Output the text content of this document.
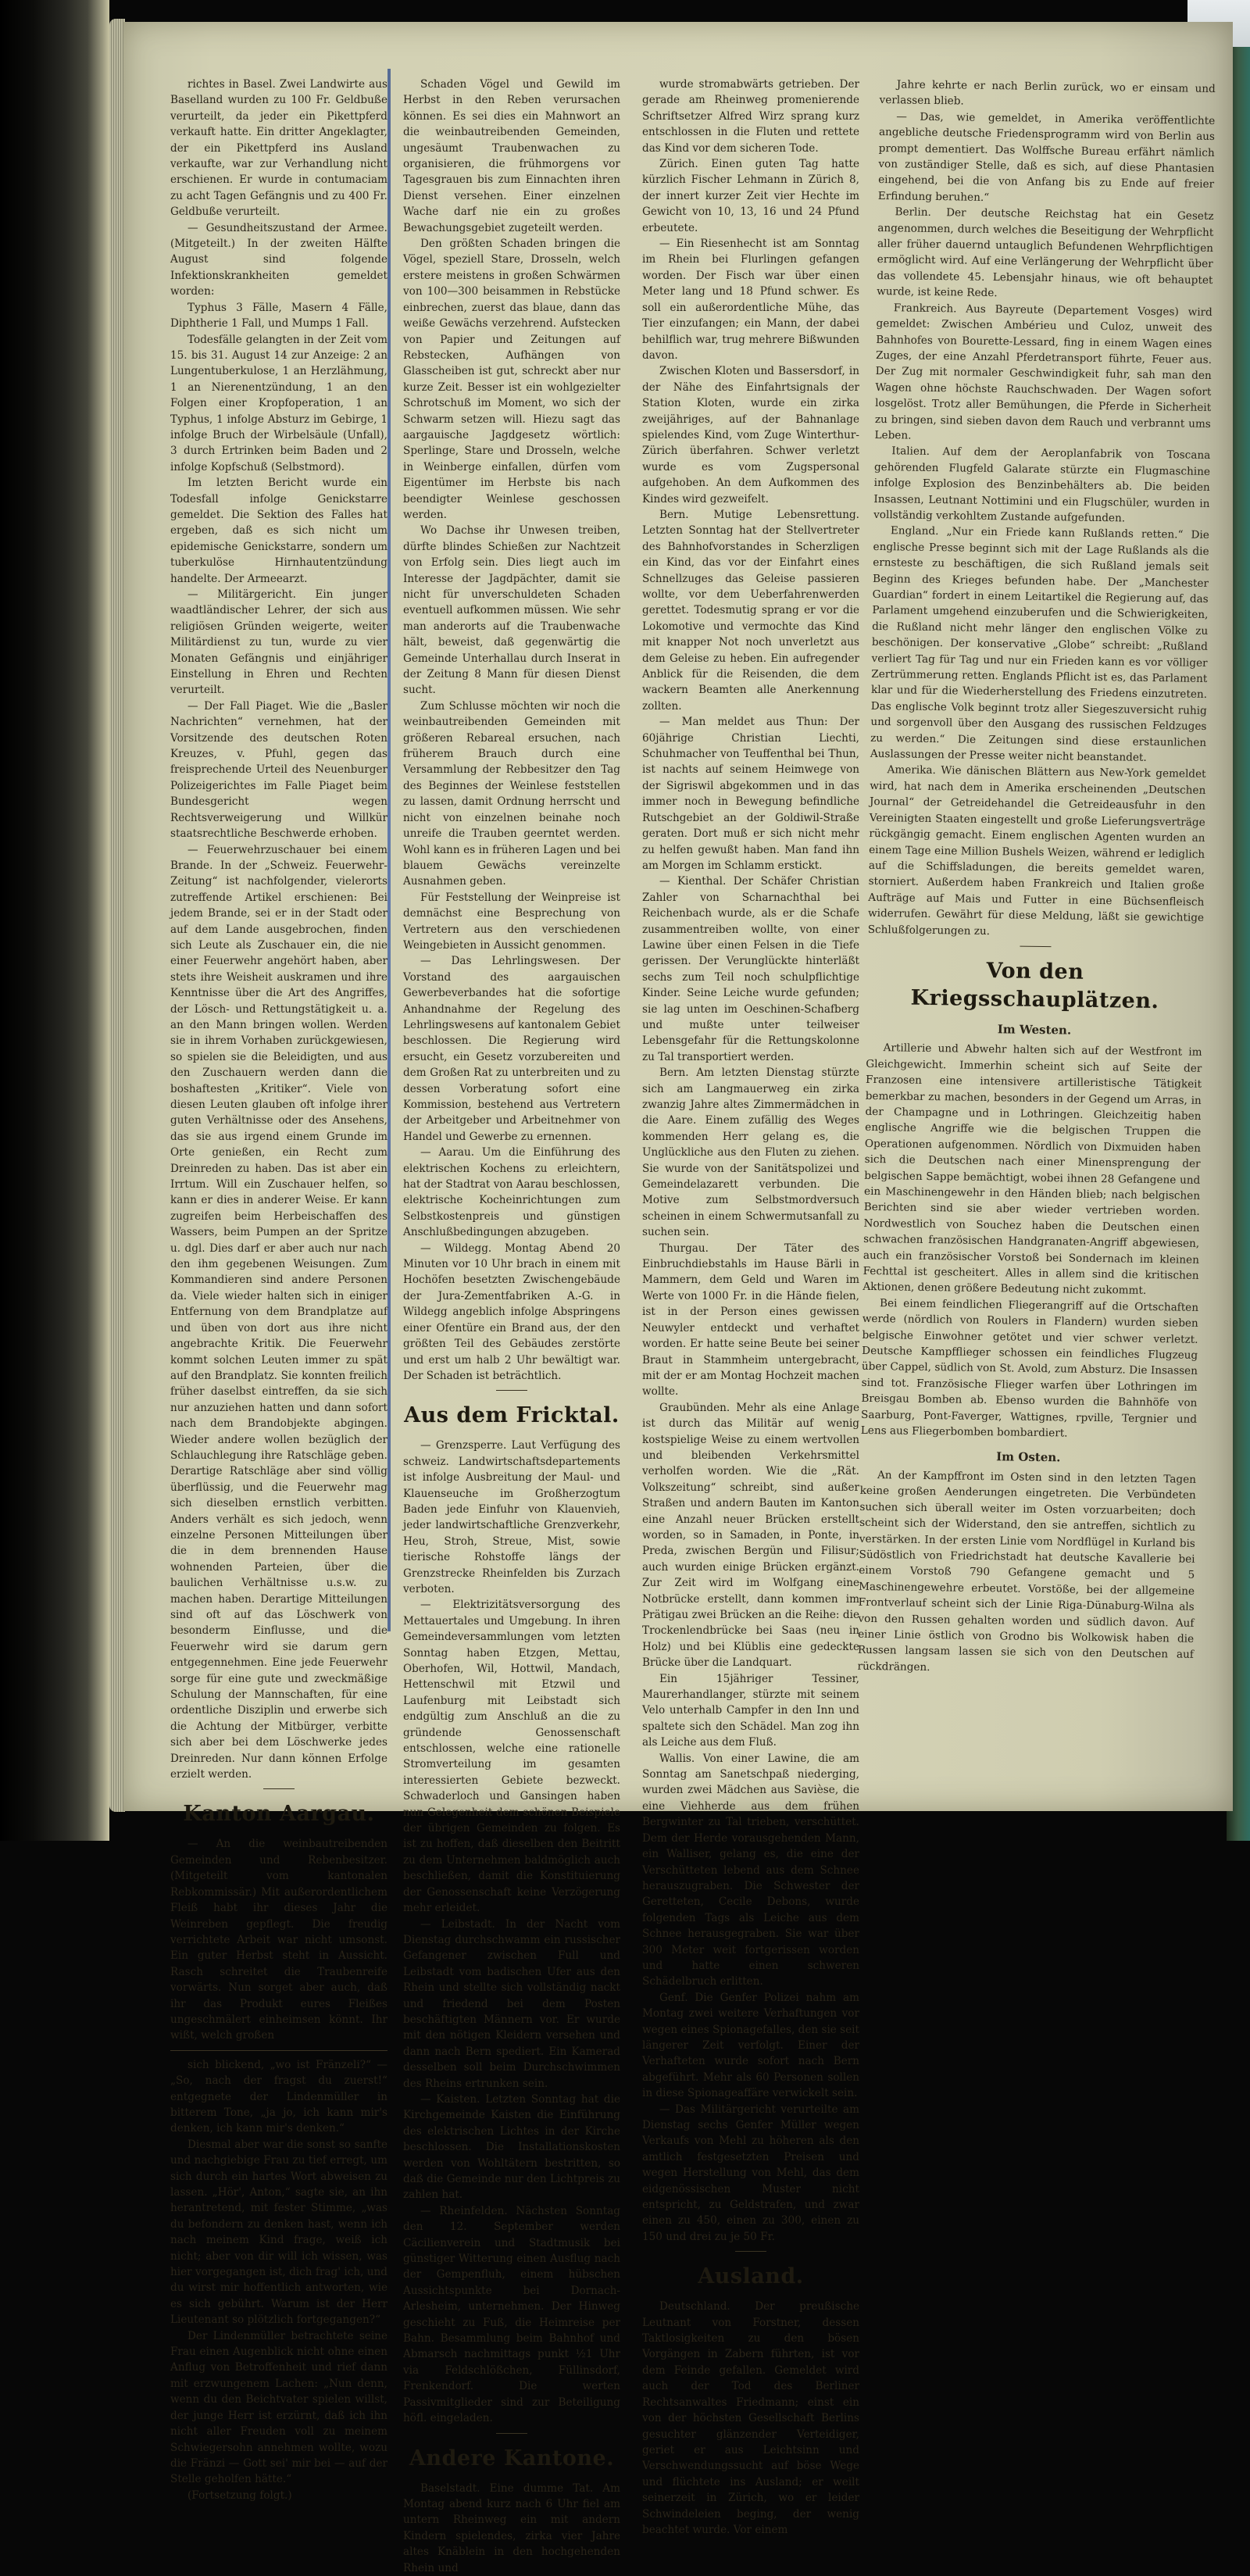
richtes in Basel. Zwei Landwirte aus Baselland wurden zu 100 Fr. Geldbuße verurteilt, da jeder ein Pikettpferd verkauft hatte. Ein dritter Angeklagter, der ein Pikettpferd ins Ausland verkaufte, war zur Verhandlung nicht erschienen. Er wurde in contumaciam zu acht Tagen Gefängnis und zu 400 Fr. Geldbuße verurteilt.

— Gesundheitszustand der Armee. (Mitgeteilt.) In der zweiten Hälfte August sind folgende Infektionskrankheiten gemeldet worden:

Typhus 3 Fälle, Masern 4 Fälle, Diphtherie 1 Fall, und Mumps 1 Fall.

Todesfälle gelangten in der Zeit vom 15. bis 31. August 14 zur Anzeige: 2 an Lungentuberkulose, 1 an Herzlähmung, 1 an Nierenentzündung, 1 an den Folgen einer Kropfoperation, 1 an Typhus, 1 infolge Absturz im Gebirge, 1 infolge Bruch der Wirbelsäule (Unfall), 3 durch Ertrinken beim Baden und 2 infolge Kopfschuß (Selbstmord).

Im letzten Bericht wurde ein Todesfall infolge Genickstarre gemeldet. Die Sektion des Falles hat ergeben, daß es sich nicht um epidemische Genickstarre, sondern um tuberkulöse Hirnhautentzündung handelte. Der Armeearzt.

— Militärgericht. Ein junger waadtländischer Lehrer, der sich aus religiösen Gründen weigerte, weiter Militärdienst zu tun, wurde zu vier Monaten Gefängnis und einjähriger Einstellung in Ehren und Rechten verurteilt.

— Der Fall Piaget. Wie die „Basler Nachrichten“ vernehmen, hat der Vorsitzende des deutschen Roten Kreuzes, v. Pfuhl, gegen das freisprechende Urteil des Neuenburger Polizeigerichtes im Falle Piaget beim Bundesgericht wegen Rechtsverweigerung und Willkür staatsrechtliche Beschwerde erhoben.

— Feuerwehrzuschauer bei einem Brande. In der „Schweiz. Feuerwehr-Zeitung“ ist nachfolgender, vielerorts zutreffende Artikel erschienen: Bei jedem Brande, sei er in der Stadt oder auf dem Lande ausgebrochen, finden sich Leute als Zuschauer ein, die nie einer Feuerwehr angehört haben, aber stets ihre Weisheit auskramen und ihre Kenntnisse über die Art des Angriffes, der Lösch- und Rettungstätigkeit u. a. an den Mann bringen wollen. Werden sie in ihrem Vorhaben zurückgewiesen, so spielen sie die Beleidigten, und aus den Zuschauern werden dann die boshaftesten „Kritiker“. Viele von diesen Leuten glauben oft infolge ihrer guten Verhältnisse oder des Ansehens, das sie aus irgend einem Grunde im Orte genießen, ein Recht zum Dreinreden zu haben. Das ist aber ein Irrtum. Will ein Zuschauer helfen, so kann er dies in anderer Weise. Er kann zugreifen beim Herbeischaffen des Wassers, beim Pumpen an der Spritze u. dgl. Dies darf er aber auch nur nach den ihm gegebenen Weisungen. Zum Kommandieren sind andere Personen da. Viele wieder halten sich in einiger Entfernung von dem Brandplatze auf und üben von dort aus ihre nicht angebrachte Kritik. Die Feuerwehr kommt solchen Leuten immer zu spät auf den Brandplatz. Sie konnten freilich früher daselbst eintreffen, da sie sich nur anzuziehen hatten und dann sofort nach dem Brandobjekte abgingen. Wieder andere wollen bezüglich der Schlauchlegung ihre Ratschläge geben. Derartige Ratschläge aber sind völlig überflüssig, und die Feuerwehr mag sich dieselben ernstlich verbitten. Anders verhält es sich jedoch, wenn einzelne Personen Mitteilungen über die in dem brennenden Hause wohnenden Parteien, über die baulichen Verhältnisse u.s.w. zu machen haben. Derartige Mitteilungen sind oft auf das Löschwerk von besonderm Einflusse, und die Feuerwehr wird sie darum gern entgegennehmen. Eine jede Feuerwehr sorge für eine gute und zweckmäßige Schulung der Mannschaften, für eine ordentliche Disziplin und erwerbe sich die Achtung der Mitbürger, verbitte sich aber bei dem Löschwerke jedes Dreinreden. Nur dann können Erfolge erzielt werden.

Kanton Aargau.

— An die weinbautreibenden Gemeinden und Rebenbesitzer. (Mitgeteilt vom kantonalen Rebkommissär.) Mit außerordentlichem Fleiß habt ihr dieses Jahr die Weinreben gepflegt. Die freudig verrichtete Arbeit war nicht umsonst. Ein guter Herbst steht in Aussicht. Rasch schreitet die Traubenreife vorwärts. Nun sorget aber auch, daß ihr das Produkt eures Fleißes ungeschmälert einheimsen könnt. Ihr wißt, welch großen

sich blickend, „wo ist Fränzeli?“ — „So, nach der fragst du zuerst!“ entgegnete der Lindenmüller in bitterem Tone, „ja jo, ich kann mir's denken, ich kann mir's denken.“

Diesmal aber war die sonst so sanfte und nachgiebige Frau zu tief erregt, um sich durch ein hartes Wort abweisen zu lassen. „Hör', Anton,“ sagte sie, an ihn herantretend, mit fester Stimme, „was du befondern zu denken hast, wenn ich nach meinem Kind frage, weiß ich nicht; aber von dir will ich wissen, was hier vorgegangen ist, dich frag' ich, und du wirst mir hoffentlich antworten, wie es sich gebührt. Warum ist der Herr Lieutenant so plötzlich fortgegangen?“

Der Lindenmüller betrachtete seine Frau einen Augenblick nicht ohne einen Anflug von Betroffenheit und rief dann mit erzwungenem Lachen: „Nun denn, wenn du den Beichtvater spielen willst, der junge Herr ist erzürnt, daß ich ihn nicht aller Freuden voll zu meinem Schwiegersohn annehmen wollte, wozu die Fränzi — Gott sei' mir bei — auf der Stelle geholfen hätte.“

(Fortsetzung folgt.)

Schaden Vögel und Gewild im Herbst in den Reben verursachen können. Es sei dies ein Mahnwort an die weinbautreibenden Gemeinden, ungesäumt Traubenwachen zu organisieren, die frühmorgens vor Tagesgrauen bis zum Einnachten ihren Dienst versehen. Einer einzelnen Wache darf nie ein zu großes Bewachungsgebiet zugeteilt werden.

Den größten Schaden bringen die Vögel, speziell Stare, Drosseln, welch erstere meistens in großen Schwärmen von 100—300 beisammen in Rebstücke einbrechen, zuerst das blaue, dann das weiße Gewächs verzehrend. Aufstecken von Papier und Zeitungen auf Rebstecken, Aufhängen von Glasscheiben ist gut, schreckt aber nur kurze Zeit. Besser ist ein wohlgezielter Schrotschuß im Moment, wo sich der Schwarm setzen will. Hiezu sagt das aargauische Jagdgesetz wörtlich: Sperlinge, Stare und Drosseln, welche in Weinberge einfallen, dürfen vom Eigentümer im Herbste bis nach beendigter Weinlese geschossen werden.

Wo Dachse ihr Unwesen treiben, dürfte blindes Schießen zur Nachtzeit von Erfolg sein. Dies liegt auch im Interesse der Jagdpächter, damit sie nicht für unverschuldeten Schaden eventuell aufkommen müssen. Wie sehr man anderorts auf die Traubenwache hält, beweist, daß gegenwärtig die Gemeinde Unterhallau durch Inserat in der Zeitung 8 Mann für diesen Dienst sucht.

Zum Schlusse möchten wir noch die weinbautreibenden Gemeinden mit größeren Rebareal ersuchen, nach früherem Brauch durch eine Versammlung der Rebbesitzer den Tag des Beginnes der Weinlese feststellen zu lassen, damit Ordnung herrscht und nicht von einzelnen beinahe noch unreife die Trauben geerntet werden. Wohl kann es in früheren Lagen und bei blauem Gewächs vereinzelte Ausnahmen geben.

Für Feststellung der Weinpreise ist demnächst eine Besprechung von Vertretern aus den verschiedenen Weingebieten in Aussicht genommen.

— Das Lehrlingswesen. Der Vorstand des aargauischen Gewerbeverbandes hat die sofortige Anhandnahme der Regelung des Lehrlingswesens auf kantonalem Gebiet beschlossen. Die Regierung wird ersucht, ein Gesetz vorzubereiten und dem Großen Rat zu unterbreiten und zu dessen Vorberatung sofort eine Kommission, bestehend aus Vertretern der Arbeitgeber und Arbeitnehmer von Handel und Gewerbe zu ernennen.

— Aarau. Um die Einführung des elektrischen Kochens zu erleichtern, hat der Stadtrat von Aarau beschlossen, elektrische Kocheinrichtungen zum Selbstkostenpreis und günstigen Anschlußbedingungen abzugeben.

— Wildegg. Montag Abend 20 Minuten vor 10 Uhr brach in einem mit Hochöfen besetzten Zwischengebäude der Jura-Zementfabriken A.-G. in Wildegg angeblich infolge Abspringens einer Ofentüre ein Brand aus, der den größten Teil des Gebäudes zerstörte und erst um halb 2 Uhr bewältigt war. Der Schaden ist beträchtlich.

Aus dem Fricktal.

— Grenzsperre. Laut Verfügung des schweiz. Landwirtschaftsdepartements ist infolge Ausbreitung der Maul- und Klauenseuche im Großherzogtum Baden jede Einfuhr von Klauenvieh, jeder landwirtschaftliche Grenzverkehr, Heu, Stroh, Streue, Mist, sowie tierische Rohstoffe längs der Grenzstrecke Rheinfelden bis Zurzach verboten.

— Elektrizitätsversorgung des Mettauertales und Umgebung. In ihren Gemeindeversammlungen vom letzten Sonntag haben Etzgen, Mettau, Oberhofen, Wil, Hottwil, Mandach, Hettenschwil mit Etzwil und Laufenburg mit Leibstadt sich endgültig zum Anschluß an die zu gründende Genossenschaft entschlossen, welche eine rationelle Stromverteilung im gesamten interessierten Gebiete bezweckt. Schwaderloch und Gansingen haben nun Gelegenheit dem schönen Beispiele der übrigen Gemeinden zu folgen. Es ist zu hoffen, daß dieselben den Beitritt zu dem Unternehmen baldmöglich auch beschließen, damit die Konstituierung der Genossenschaft keine Verzögerung mehr erleidet.

— Leibstadt. In der Nacht vom Dienstag durchschwamm ein russischer Gefangener zwischen Full und Leibstadt vom badischen Ufer aus den Rhein und stellte sich vollständig nackt und friedend bei dem Posten beschäftigten Männern vor. Er wurde mit den nötigen Kleidern versehen und dann nach Bern spediert. Ein Kamerad desselben soll beim Durchschwimmen des Rheins ertrunken sein.

— Kaisten. Letzten Sonntag hat die Kirchgemeinde Kaisten die Einführung des elektrischen Lichtes in der Kirche beschlossen. Die Installationskosten werden von Wohltätern bestritten, so daß die Gemeinde nur den Lichtpreis zu zahlen hat.

— Rheinfelden. Nächsten Sonntag den 12. September werden Cäcilienverein und Stadtmusik bei günstiger Witterung einen Ausflug nach der Gempenfluh, einem hübschen Aussichtspunkte bei Dornach-Arlesheim, unternehmen. Der Hinweg geschieht zu Fuß, die Heimreise per Bahn. Besammlung beim Bahnhof und Abmarsch nachmittags punkt ½1 Uhr via Feldschlößchen, Füllinsdorf, Frenkendorf. Die werten Passivmitglieder sind zur Beteiligung höfl. eingeladen.

Andere Kantone.

Baselstadt. Eine dumme Tat. Am Montag abend kurz nach 6 Uhr fiel am untern Rheinweg ein mit andern Kindern spielendes, zirka vier Jahre altes Knäblein in den hochgehenden Rhein und

wurde stromabwärts getrieben. Der gerade am Rheinweg promenierende Schriftsetzer Alfred Wirz sprang kurz entschlossen in die Fluten und rettete das Kind vor dem sicheren Tode.

Zürich. Einen guten Tag hatte kürzlich Fischer Lehmann in Zürich 8, der innert kurzer Zeit vier Hechte im Gewicht von 10, 13, 16 und 24 Pfund erbeutete.

— Ein Riesenhecht ist am Sonntag im Rhein bei Flurlingen gefangen worden. Der Fisch war über einen Meter lang und 18 Pfund schwer. Es soll ein außerordentliche Mühe, das Tier einzufangen; ein Mann, der dabei behilflich war, trug mehrere Bißwunden davon.

Zwischen Kloten und Bassersdorf, in der Nähe des Einfahrtsignals der Station Kloten, wurde ein zirka zweijähriges, auf der Bahnanlage spielendes Kind, vom Zuge Winterthur-Zürich überfahren. Schwer verletzt wurde es vom Zugspersonal aufgehoben. An dem Aufkommen des Kindes wird gezweifelt.

Bern. Mutige Lebensrettung. Letzten Sonntag hat der Stellvertreter des Bahnhofvorstandes in Scherzligen ein Kind, das vor der Einfahrt eines Schnellzuges das Geleise passieren wollte, vor dem Ueberfahrenwerden gerettet. Todesmutig sprang er vor die Lokomotive und vermochte das Kind mit knapper Not noch unverletzt aus dem Geleise zu heben. Ein aufregender Anblick für die Reisenden, die dem wackern Beamten alle Anerkennung zollten.

— Man meldet aus Thun: Der 60jährige Christian Liechti, Schuhmacher von Teuffenthal bei Thun, ist nachts auf seinem Heimwege von der Sigriswil abgekommen und in das immer noch in Bewegung befindliche Rutschgebiet an der Goldiwil-Straße geraten. Dort muß er sich nicht mehr zu helfen gewußt haben. Man fand ihn am Morgen im Schlamm erstickt.

— Kienthal. Der Schäfer Christian Zahler von Scharnachthal bei Reichenbach wurde, als er die Schafe zusammentreiben wollte, von einer Lawine über einen Felsen in die Tiefe gerissen. Der Verunglückte hinterläßt sechs zum Teil noch schulpflichtige Kinder. Seine Leiche wurde gefunden; sie lag unten im Oeschinen-Schafberg und mußte unter teilweiser Lebensgefahr für die Rettungskolonne zu Tal transportiert werden.

Bern. Am letzten Dienstag stürzte sich am Langmauerweg ein zirka zwanzig Jahre altes Zimmermädchen in die Aare. Einem zufällig des Weges kommenden Herr gelang es, die Unglückliche aus den Fluten zu ziehen. Sie wurde von der Sanitätspolizei und Gemeindelazarett verbunden. Die Motive zum Selbstmordversuch scheinen in einem Schwermutsanfall zu suchen sein.

Thurgau. Der Täter des Einbruchdiebstahls im Hause Bärli in Mammern, dem Geld und Waren im Werte von 1000 Fr. in die Hände fielen, ist in der Person eines gewissen Neuwyler entdeckt und verhaftet worden. Er hatte seine Beute bei seiner Braut in Stammheim untergebracht, mit der er am Montag Hochzeit machen wollte.

Graubünden. Mehr als eine Anlage ist durch das Militär auf wenig kostspielige Weise zu einem wertvollen und bleibenden Verkehrsmittel verholfen worden. Wie die „Rät. Volkszeitung“ schreibt, sind außer Straßen und andern Bauten im Kanton eine Anzahl neuer Brücken erstellt worden, so in Samaden, in Ponte, in Preda, zwischen Bergün und Filisur; auch wurden einige Brücken ergänzt. Zur Zeit wird im Wolfgang eine Notbrücke erstellt, dann kommen im Prätigau zwei Brücken an die Reihe: die Trockenlendbrücke bei Saas (neu in Holz) und bei Klüblis eine gedeckte Brücke über die Landquart.

Ein 15jähriger Tessiner, Maurerhandlanger, stürzte mit seinem Velo unterhalb Campfer in den Inn und spaltete sich den Schädel. Man zog ihn als Leiche aus dem Fluß.

Wallis. Von einer Lawine, die am Sonntag am Sanetschpaß niederging, wurden zwei Mädchen aus Savièse, die eine Viehherde aus dem frühen Bergwinter zu Tal trieben, verschüttet. Dem der Herde vorausgehenden Mann, ein Walliser, gelang es, die eine der Verschütteten lebend aus dem Schnee herauszugraben. Die Schwester der Geretteten, Cecile Debons, wurde folgenden Tags als Leiche aus dem Schnee herausgegraben. Sie war über 300 Meter weit fortgerissen worden und hatte einen schweren Schädelbruch erlitten.

Genf. Die Genfer Polizei nahm am Montag zwei weitere Verhaftungen vor wegen eines Spionagefalles, den sie seit längerer Zeit verfolgt. Einer der Verhafteten wurde sofort nach Bern abgeführt. Mehr als 60 Personen sollen in diese Spionageaffäre verwickelt sein.

— Das Militärgericht verurteilte am Dienstag sechs Genfer Müller wegen Verkaufs von Mehl zu höheren als den amtlich festgesetzten Preisen und wegen Herstellung von Mehl, das dem eidgenössischen Muster nicht entspricht, zu Geldstrafen, und zwar einen zu 450, einen zu 300, einen zu 150 und drei zu je 50 Fr.

Ausland.

Deutschland. Der preußische Leutnant von Forstner, dessen Taktlosigkeiten zu den bösen Vorgängen in Zabern führten, ist vor dem Feinde gefallen. Gemeldet wird auch der Tod des Berliner Rechtsanwaltes Friedmann; einst ein von der höchsten Gesellschaft Berlins gesuchter glänzender Verteidiger, geriet er aus Leichtsinn und Verschwendungssucht auf böse Wege und flüchtete ins Ausland; er weilt seinerzeit in Zürich, wo er leider Schwindeleien beging, der wenig beachtet wurde. Vor einem

Jahre kehrte er nach Berlin zurück, wo er einsam und verlassen blieb.

— Das, wie gemeldet, in Amerika veröffentlichte angebliche deutsche Friedensprogramm wird von Berlin aus prompt dementiert. Das Wolffsche Bureau erfährt nämlich von zuständiger Stelle, daß es sich, auf diese Phantasien eingehend, bei die von Anfang bis zu Ende auf freier Erfindung beruhen.“

Berlin. Der deutsche Reichstag hat ein Gesetz angenommen, durch welches die Beseitigung der Wehrpflicht aller früher dauernd untauglich Befundenen Wehrpflichtigen ermöglicht wird. Auf eine Verlängerung der Wehrpflicht über das vollendete 45. Lebensjahr hinaus, wie oft behauptet wurde, ist keine Rede.

Frankreich. Aus Bayreute (Departement Vosges) wird gemeldet: Zwischen Ambérieu und Culoz, unweit des Bahnhofes von Bourette-Lessard, fing in einem Wagen eines Zuges, der eine Anzahl Pferdetransport führte, Feuer aus. Der Zug mit normaler Geschwindigkeit fuhr, sah man den Wagen ohne höchste Rauchschwaden. Der Wagen sofort losgelöst. Trotz aller Bemühungen, die Pferde in Sicherheit zu bringen, sind sieben davon dem Rauch und verbrannt ums Leben.

Italien. Auf dem der Aeroplanfabrik von Toscana gehörenden Flugfeld Galarate stürzte ein Flugmaschine infolge Explosion des Benzinbehälters ab. Die beiden Insassen, Leutnant Nottimini und ein Flugschüler, wurden in vollständig verkohltem Zustande aufgefunden.

England. „Nur ein Friede kann Rußlands retten.“ Die englische Presse beginnt sich mit der Lage Rußlands als die ernsteste zu beschäftigen, die sich Rußland jemals seit Beginn des Krieges befunden habe. Der „Manchester Guardian“ fordert in einem Leitartikel die Regierung auf, das Parlament umgehend einzuberufen und die Schwierigkeiten, die Rußland nicht mehr länger den englischen Völke zu beschönigen. Der konservative „Globe“ schreibt: „Rußland verliert Tag für Tag und nur ein Frieden kann es vor völliger Zertrümmerung retten. Englands Pflicht ist es, das Parlament klar und für die Wiederherstellung des Friedens einzutreten. Das englische Volk beginnt trotz aller Siegeszuversicht ruhig und sorgenvoll über den Ausgang des russischen Feldzuges zu werden.“ Die Zeitungen sind diese erstaunlichen Auslassungen der Presse weiter nicht beanstandet.

Amerika. Wie dänischen Blättern aus New-York gemeldet wird, hat nach dem in Amerika erscheinenden „Deutschen Journal“ der Getreidehandel die Getreideausfuhr in den Vereinigten Staaten eingestellt und große Lieferungsverträge rückgängig gemacht. Einem englischen Agenten wurden an einem Tage eine Million Bushels Weizen, während er lediglich auf die Schiffsladungen, die bereits gemeldet waren, storniert. Außerdem haben Frankreich und Italien große Aufträge auf Mais und Futter in eine Büchsenfleisch widerrufen. Gewährt für diese Meldung, läßt sie gewichtige Schlußfolgerungen zu.

Von den Kriegsschauplätzen.
Im Westen.

Artillerie und Abwehr halten sich auf der Westfront im Gleichgewicht. Immerhin scheint sich auf Seite der Franzosen eine intensivere artilleristische Tätigkeit bemerkbar zu machen, besonders in der Gegend um Arras, in der Champagne und in Lothringen. Gleichzeitig haben englische Angriffe wie die belgischen Truppen die Operationen aufgenommen. Nördlich von Dixmuiden haben sich die Deutschen nach einer Minensprengung der belgischen Sappe bemächtigt, wobei ihnen 28 Gefangene und ein Maschinengewehr in den Händen blieb; nach belgischen Berichten sind sie aber wieder vertrieben worden. Nordwestlich von Souchez haben die Deutschen einen schwachen französischen Handgranaten-Angriff abgewiesen, auch ein französischer Vorstoß bei Sondernach im kleinen Fechttal ist gescheitert. Alles in allem sind die kritischen Aktionen, denen größere Bedeutung nicht zukommt.

Bei einem feindlichen Fliegerangriff auf die Ortschaften werde (nördlich von Roulers in Flandern) wurden sieben belgische Einwohner getötet und vier schwer verletzt. Deutsche Kampfflieger schossen ein feindliches Flugzeug über Cappel, südlich von St. Avold, zum Absturz. Die Insassen sind tot. Französische Flieger warfen über Lothringen im Breisgau Bomben ab. Ebenso wurden die Bahnhöfe von Saarburg, Pont-Faverger, Wattignes, rpville, Tergnier und Lens aus Fliegerbomben bombardiert.

Im Osten.

An der Kampffront im Osten sind in den letzten Tagen keine großen Aenderungen eingetreten. Die Verbündeten suchen sich überall weiter im Osten vorzuarbeiten; doch scheint sich der Widerstand, den sie antreffen, sichtlich zu verstärken. In der ersten Linie vom Nordflügel in Kurland bis Südöstlich von Friedrichstadt hat deutsche Kavallerie bei einem Vorstoß 790 Gefangene gemacht und 5 Maschinengewehre erbeutet. Vorstöße, bei der allgemeine Frontverlauf scheint sich der Linie Riga-Dünaburg-Wilna als von den Russen gehalten worden und südlich davon. Auf einer Linie östlich von Grodno bis Wolkowisk haben die Russen langsam lassen sie sich von den Deutschen auf rückdrängen.
